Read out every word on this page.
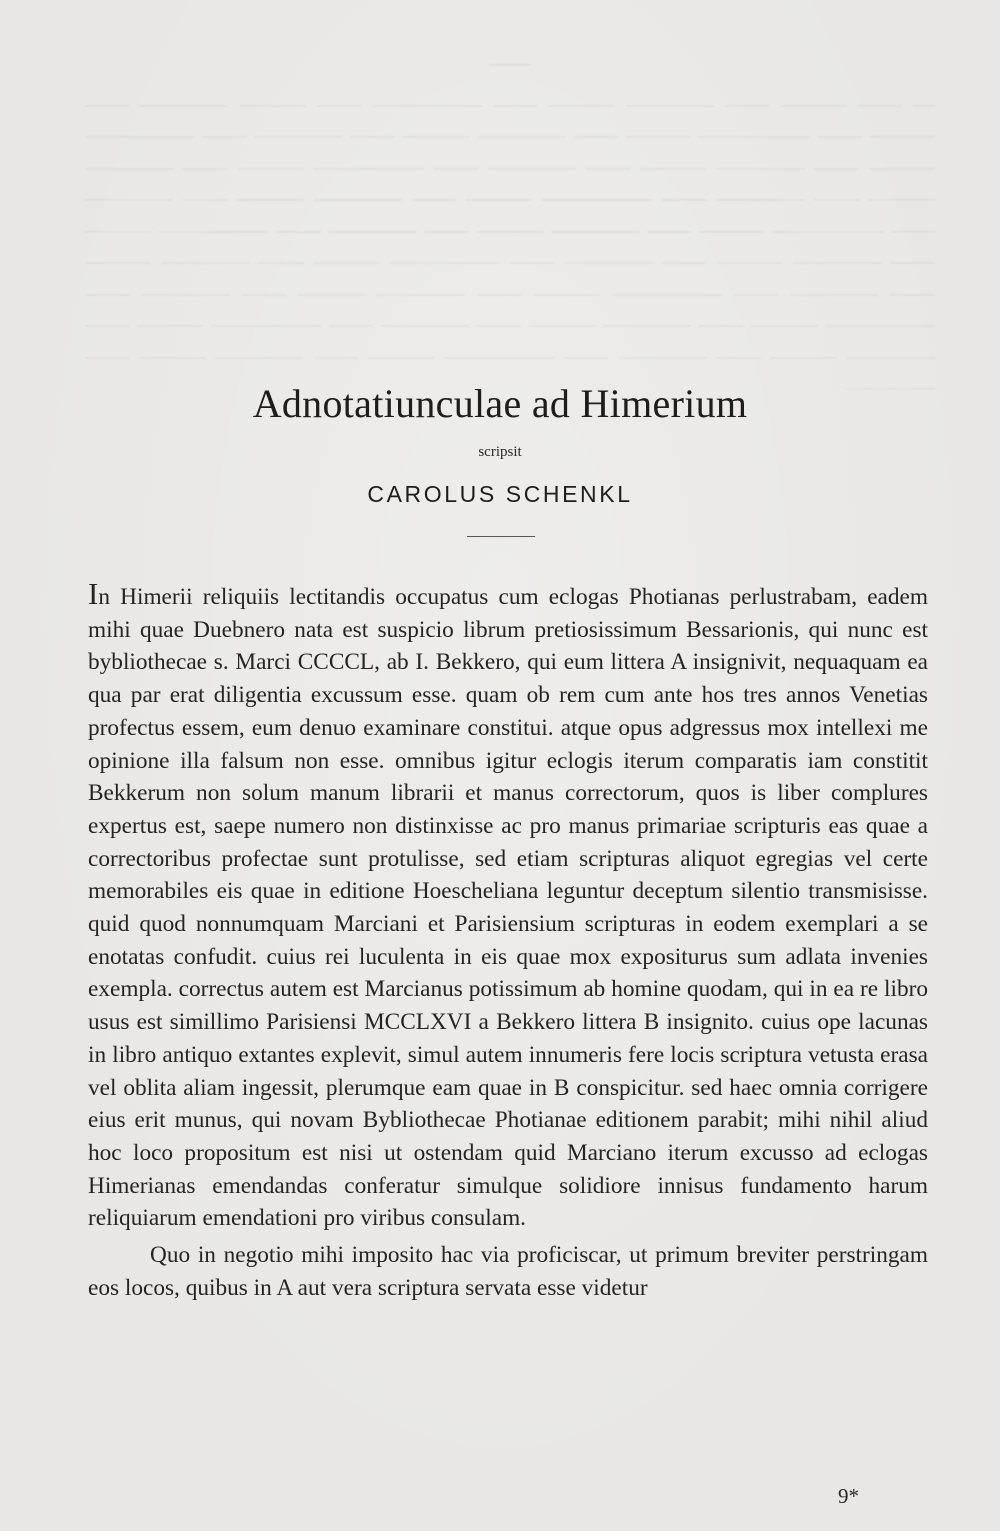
───
— —— ——— —— ———— ——— —— ————— —— ——— ———— —— ——— —— ————— ——— —— ———— ——— —— ———— —— ————— ——— —— ———— ——— —— ———— —— ————— ——— —— ———— ——— —— ———— —— ————— ——— —— ———— ——— —— ———— —— ————— ——— —— ———— ——— —— ———— —— ————— ——— —— ———— ——— —— ———— —— ————— ——— —— ———— ——— —— ———— —— ————— ——— —— ———— ——— —— ———— —— ————— ——— —— ———— ——— —— ———— —— ————— ——— —— ———— ——— —— ———— —— ————— ——— —— ———— ——— —— ————
Adnotatiunculae ad Himerium
scripsit
CAROLUS SCHENKL

In Himerii reliquiis lectitandis occupatus cum eclogas Photianas perlustrabam, eadem mihi quae Duebnero nata est suspicio librum pretiosissimum Bessarionis, qui nunc est bybliothecae s. Marci CCCCL, ab I. Bekkero, qui eum littera A insignivit, nequaquam ea qua par erat diligentia excussum esse. quam ob rem cum ante hos tres annos Venetias profectus essem, eum denuo examinare constitui. atque opus adgressus mox intellexi me opinione illa falsum non esse. omnibus igitur eclogis iterum comparatis iam constitit Bekkerum non solum manum librarii et manus correctorum, quos is liber complures expertus est, saepe numero non distinxisse ac pro manus primariae scripturis eas quae a correctoribus profectae sunt protulisse, sed etiam scripturas aliquot egregias vel certe memorabiles eis quae in editione Hoescheliana leguntur deceptum silentio transmisisse. quid quod nonnumquam Marciani et Parisiensium scripturas in eodem exemplari a se enotatas confudit. cuius rei luculenta in eis quae mox expositurus sum adlata invenies exempla. correctus autem est Marcianus potissimum ab homine quodam, qui in ea re libro usus est simillimo Parisiensi MCCLXVI a Bekkero littera B insignito. cuius ope lacunas in libro antiquo extantes explevit, simul autem innumeris fere locis scriptura vetusta erasa vel oblita aliam ingessit, plerumque eam quae in B conspicitur. sed haec omnia corrigere eius erit munus, qui novam Bybliothecae Photianae editionem parabit; mihi nihil aliud hoc loco propositum est nisi ut ostendam quid Marciano iterum excusso ad eclogas Himerianas emendandas conferatur simulque solidiore innisus fundamento harum reliquiarum emendationi pro viribus consulam.

Quo in negotio mihi imposito hac via proficiscar, ut primum breviter perstringam eos locos, quibus in A aut vera scriptura servata esse videtur

9*
